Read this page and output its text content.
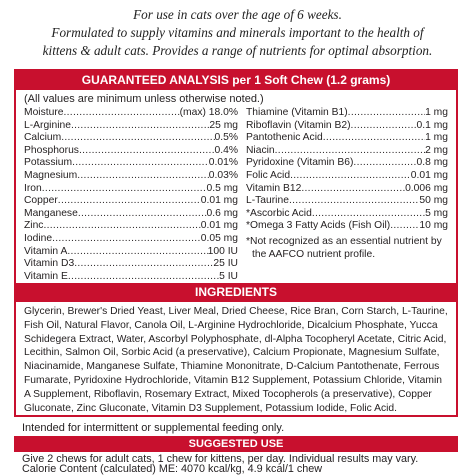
For use in cats over the age of 6 weeks.
Formulated to supply vitamins and minerals important to the health of
kittens & adult cats. Provides a range of nutrients for optimal absorption.
GUARANTEED ANALYSIS per 1 Soft Chew (1.2 grams)
(All values are minimum unless otherwise noted.)
Moisture .....	(max) 18.0%
L-Arginine .....	25 mg
Calcium .....	0.5%
Phosphorus .....	0.4%
Potassium .....	0.01%
Magnesium .....	0.03%
Iron .....	0.5 mg
Copper .....	0.01 mg
Manganese .....	0.6 mg
Zinc .....	0.01 mg
Iodine .....	0.05 mg
Vitamin A .....	100 IU
Vitamin D3 .....	25 IU
Vitamin E .....	5 IU
Thiamine (Vitamin B1) .....	1 mg
Riboflavin (Vitamin B2) .....	0.1 mg
Pantothenic Acid .....	1 mg
Niacin .....	2 mg
Pyridoxine (Vitamin B6) .....	0.8 mg
Folic Acid .....	0.01 mg
Vitamin B12 .....	0.006 mg
L-Taurine .....	50 mg
*Ascorbic Acid .....	5 mg
*Omega 3 Fatty Acids (Fish Oil) .....	10 mg
*Not recognized as an essential nutrient by
the AAFCO nutrient profile.
INGREDIENTS
Glycerin, Brewer's Dried Yeast, Liver Meal, Dried Cheese, Rice Bran, Corn Starch, L-Taurine,
Fish Oil, Natural Flavor, Canola Oil, L-Arginine Hydrochloride, Dicalcium Phosphate, Yucca
Schidegera Extract, Water, Ascorbyl Polyphosphate, dl-Alpha Tocopheryl Acetate, Citric Acid,
Lecithin, Salmon Oil, Sorbic Acid (a preservative), Calcium Propionate, Magnesium Sulfate,
Niacinamide, Manganese Sulfate, Thiamine Mononitrate, D-Calcium Pantothenate, Ferrous
Fumarate, Pyridoxine Hydrochloride, Vitamin B12 Supplement, Potassium Chloride, Vitamin
A Supplement, Riboflavin, Rosemary Extract, Mixed Tocopherols (a preservative), Copper
Gluconate, Zinc Gluconate, Vitamin D3 Supplement, Potassium Iodide, Folic Acid.
Intended for intermittent or supplemental feeding only.
SUGGESTED USE
Give 2 chews for adult cats, 1 chew for kittens, per day. Individual results may vary.
Calorie Content (calculated) ME: 4070 kcal/kg, 4.9 kcal/1 chew
